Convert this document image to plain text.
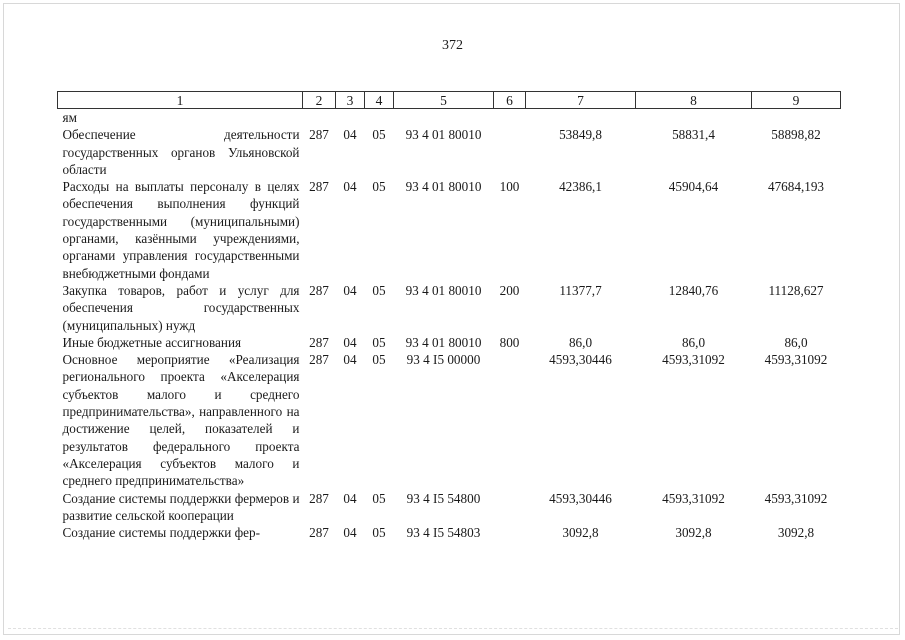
372
1	2	3	4	5	6	7	8	9
ям								
Обеспечение деятельности государственных органов Ульяновской области	287	04	05	93 4 01 80010		53849,8	58831,4	58898,82
Расходы на выплаты персоналу в целях обеспечения выполнения функций государственными (муниципальными) органами, казёнными учреждениями, органами управления государственными внебюджетными фондами	287	04	05	93 4 01 80010	100	42386,1	45904,64	47684,193
Закупка товаров, работ и услуг для обеспечения государственных (муниципальных) нужд	287	04	05	93 4 01 80010	200	11377,7	12840,76	11128,627
Иные бюджетные ассигнования	287	04	05	93 4 01 80010	800	86,0	86,0	86,0
Основное мероприятие «Реализация регионального проекта «Акселерация субъектов малого и среднего предпринимательства», направленного на достижение целей, показателей и результатов федерального проекта «Акселерация субъектов малого и среднего предпринимательства»	287	04	05	93 4 I5 00000		4593,30446	4593,31092	4593,31092
Создание системы поддержки фермеров и развитие сельской кооперации	287	04	05	93 4 I5 54800		4593,30446	4593,31092	4593,31092
Создание системы поддержки фер-	287	04	05	93 4 I5 54803		3092,8	3092,8	3092,8
